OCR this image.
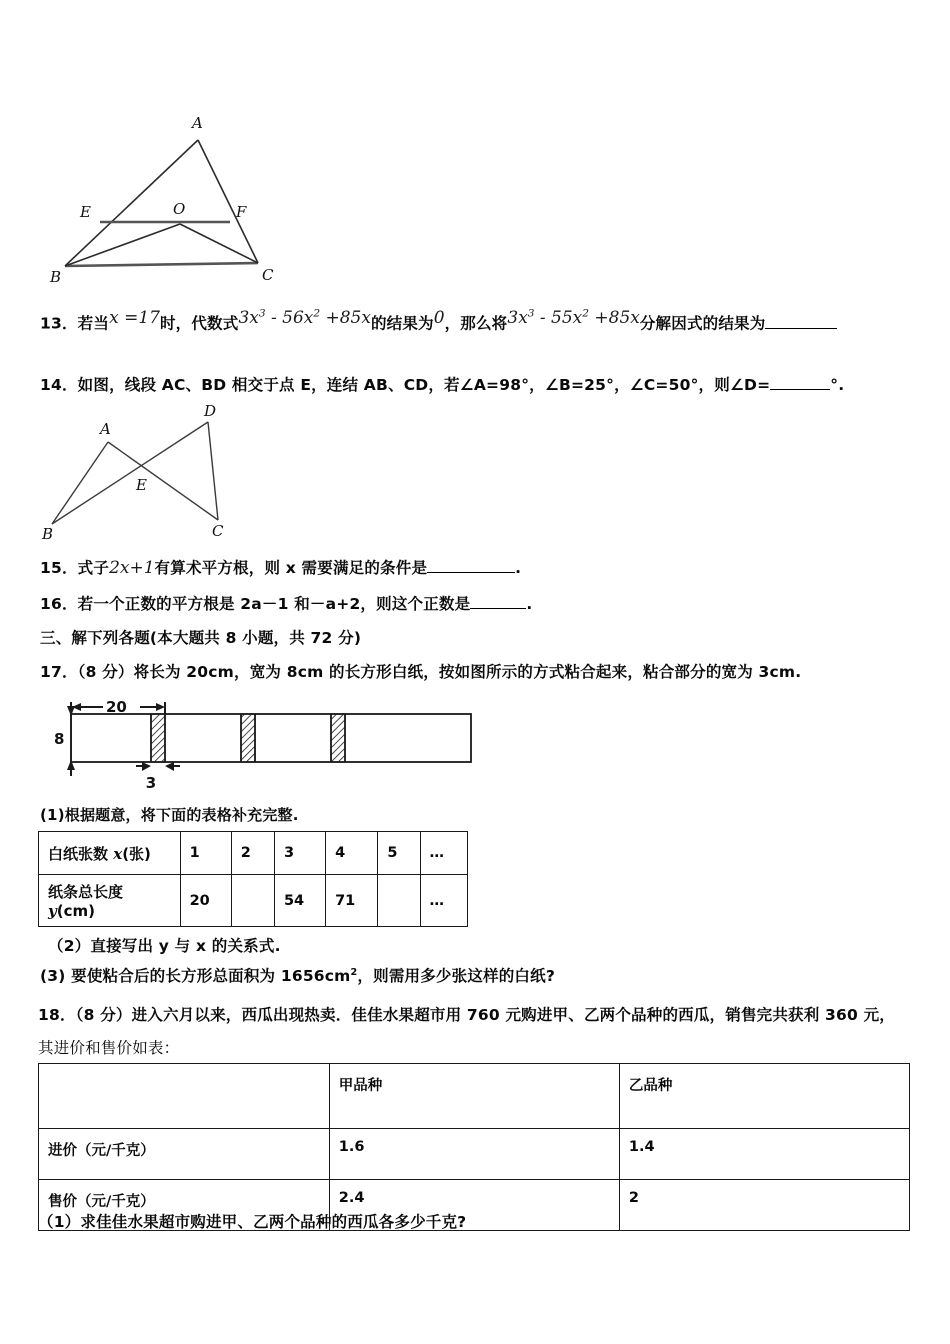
A
B	C
E	F
O
13．若当x =17时，代数式$3x^3 - 56x^2 +85x$的结果为0，那么将$3x^3 - 55x^2 +85x$分解因式的结果为
14．如图，线段 AC、BD 相交于点 E，连结 AB、CD，若∠A=98°，∠B=25°，∠C=50°，则∠D=	°.
A
B	C
D
E
15．式子2x+1有算术平方根，则 x 需要满足的条件是	.
16．若一个正数的平方根是 2a－1 和－a+2，则这个正数是	.
三、解下列各题(本大题共 8 小题，共 72 分)
17．（8 分）将长为 20cm，宽为 8cm 的长方形白纸，按如图所示的方式粘合起来，粘合部分的宽为 3cm.
20
8
3
(1)根据题意，将下面的表格补充完整.
白纸张数 x(张)	1	2	3	4	5	…
纸条总长度 y(cm)	20		54	71		…
（2）直接写出 y 与 x 的关系式.
(3) 要使粘合后的长方形总面积为 $1656cm^2$，则需用多少张这样的白纸?
18．（8 分）进入六月以来，西瓜出现热卖．佳佳水果超市用 760 元购进甲、乙两个品种的西瓜，销售完共获利 360 元，
其进价和售价如表：
	甲品种	乙品种
进价（元/千克）	1.6	1.4
售价（元/千克）	2.4	2
（1）求佳佳水果超市购进甲、乙两个品种的西瓜各多少千克?
